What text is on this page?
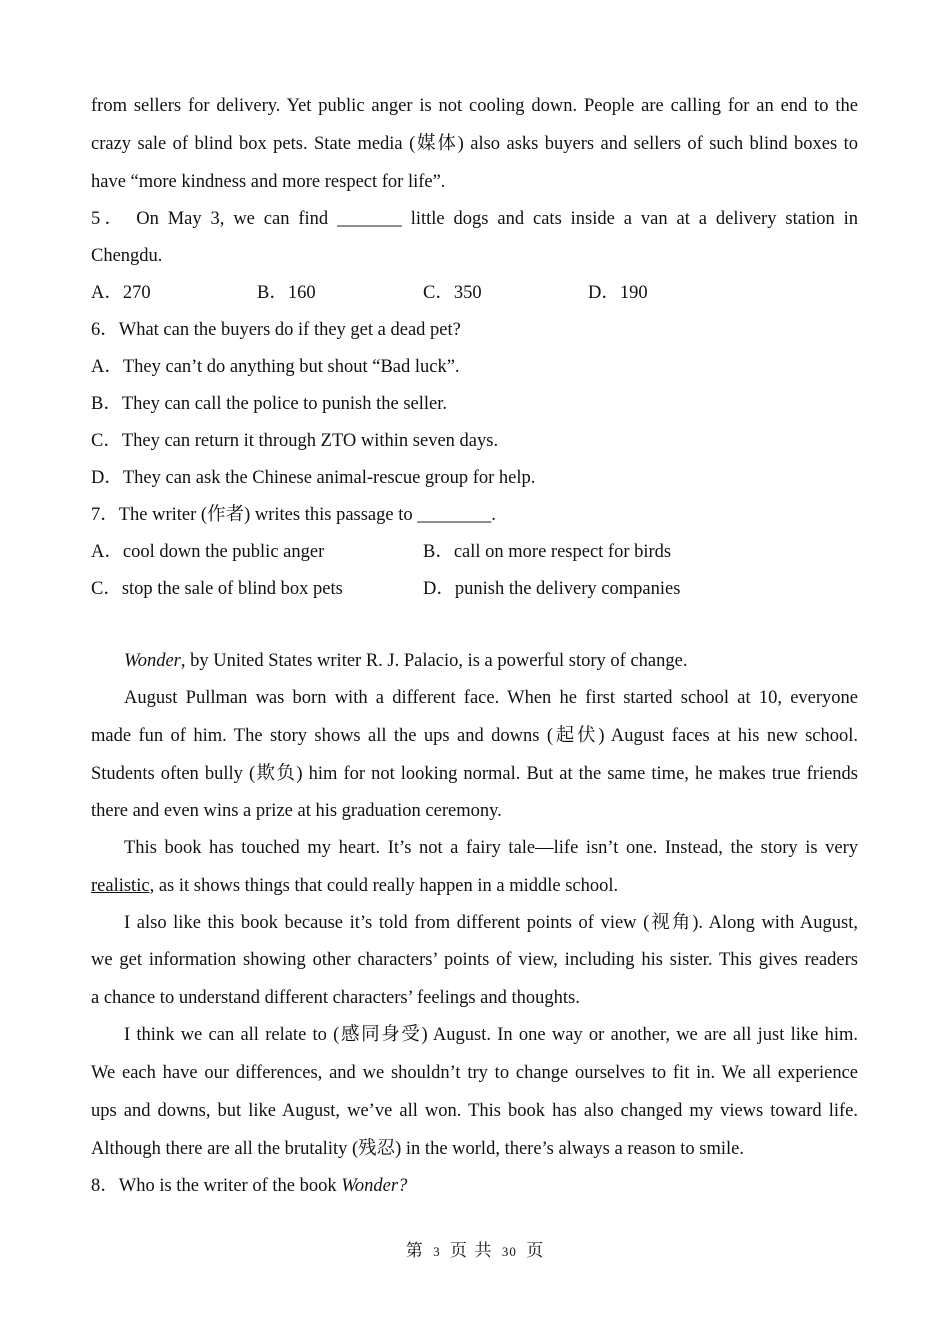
from sellers for delivery. Yet public anger is not cooling down. People are calling for an end to the
crazy sale of blind box pets. State media (媒体) also asks buyers and sellers of such blind boxes to
have “more kindness and more respect for life”.
5． On May 3, we can find _______ little dogs and cats inside a van at a delivery station in
Chengdu.
A．270	B．160	C．350	D．190
6．What can the buyers do if they get a dead pet?
A．They can’t do anything but shout “Bad luck”.
B．They can call the police to punish the seller.
C．They can return it through ZTO within seven days.
D．They can ask the Chinese animal-rescue group for help.
7．The writer (作者) writes this passage to ________.
A．cool down the public anger	B．call on more respect for birds
C．stop the sale of blind box pets	D．punish the delivery companies
Wonder, by United States writer R. J. Palacio, is a powerful story of change.
August Pullman was born with a different face. When he first started school at 10, everyone
made fun of him. The story shows all the ups and downs (起伏) August faces at his new school.
Students often bully (欺负) him for not looking normal. But at the same time, he makes true friends
there and even wins a prize at his graduation ceremony.
This book has touched my heart. It’s not a fairy tale—life isn’t one. Instead, the story is very
realistic, as it shows things that could really happen in a middle school.
I also like this book because it’s told from different points of view (视角). Along with August,
we get information showing other characters’ points of view, including his sister. This gives readers
a chance to understand different characters’ feelings and thoughts.
I think we can all relate to (感同身受) August. In one way or another, we are all just like him.
We each have our differences, and we shouldn’t try to change ourselves to fit in. We all experience
ups and downs, but like August, we’ve all won. This book has also changed my views toward life.
Although there are all the brutality (残忍) in the world, there’s always a reason to smile.
8．Who is the writer of the book Wonder?
第 3 页 共 30 页
